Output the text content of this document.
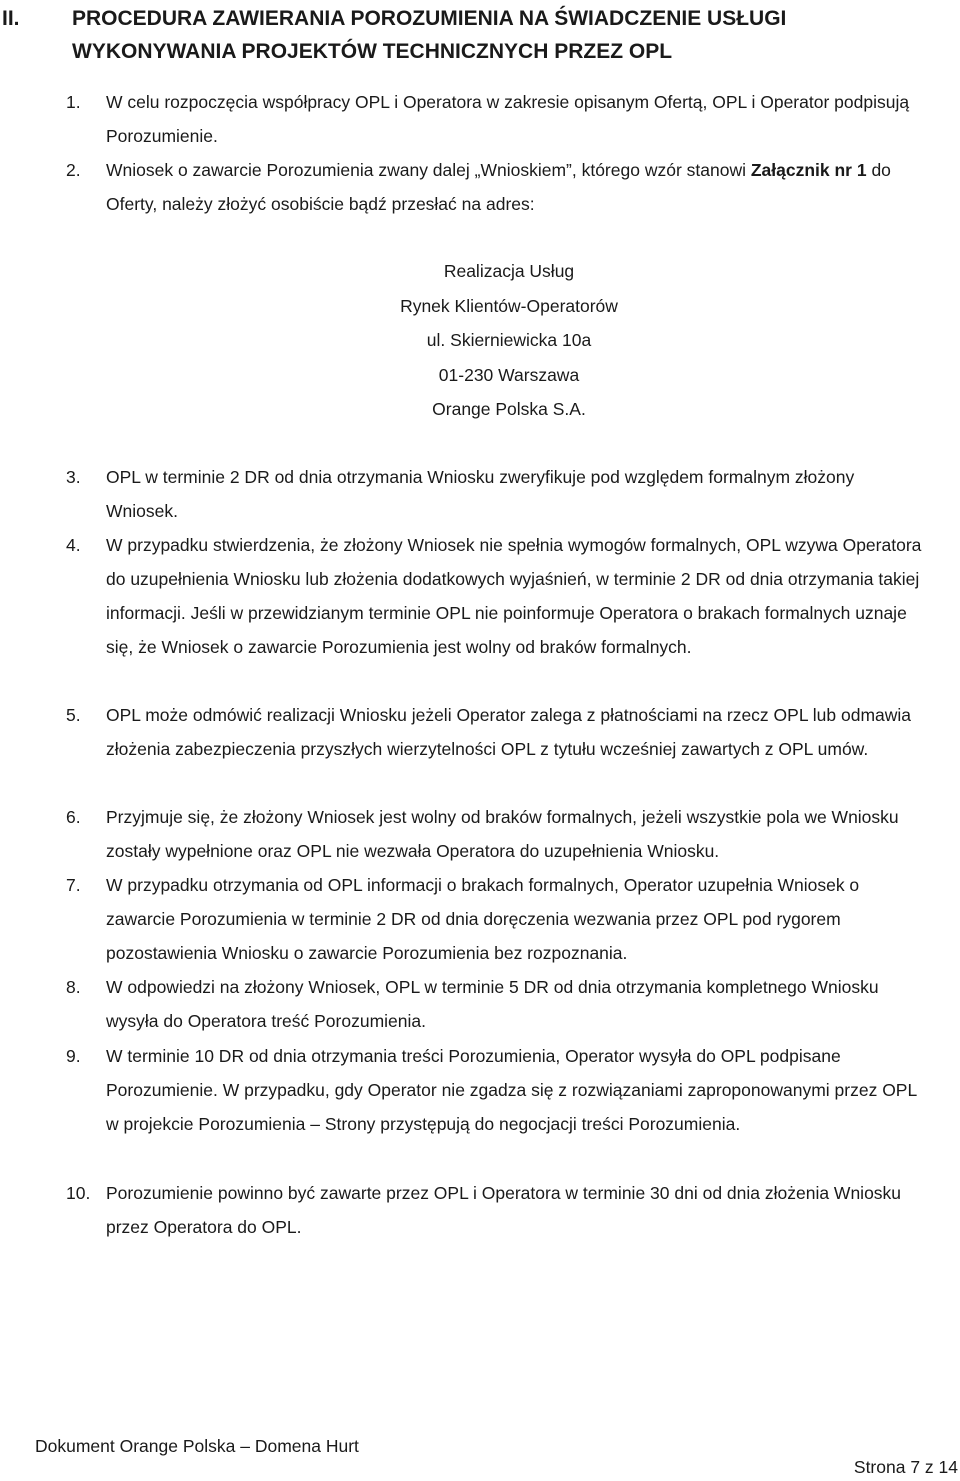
II. PROCEDURA ZAWIERANIA POROZUMIENIA NA ŚWIADCZENIE USŁUGI WYKONYWANIA PROJEKTÓW TECHNICZNYCH PRZEZ OPL
1.	W celu rozpoczęcia współpracy OPL i Operatora w zakresie opisanym Ofertą, OPL i Operator podpisują Porozumienie.
2.	Wniosek o zawarcie Porozumienia zwany dalej „Wnioskiem”, którego wzór stanowi Załącznik nr 1 do Oferty, należy złożyć osobiście bądź przesłać na adres:
Realizacja Usług
Rynek Klientów-Operatorów
ul. Skierniewicka 10a
01-230 Warszawa
Orange Polska S.A.
3.	OPL w terminie 2 DR od dnia otrzymania Wniosku zweryfikuje pod względem formalnym złożony Wniosek.
4.	W przypadku stwierdzenia, że złożony Wniosek nie spełnia wymogów formalnych, OPL wzywa Operatora do uzupełnienia Wniosku lub złożenia dodatkowych wyjaśnień, w terminie 2 DR od dnia otrzymania takiej informacji. Jeśli w przewidzianym terminie OPL nie poinformuje Operatora o brakach formalnych uznaje się, że Wniosek o zawarcie Porozumienia jest wolny od braków formalnych.
5.	OPL może odmówić realizacji Wniosku jeżeli Operator zalega z płatnościami na rzecz OPL lub odmawia złożenia zabezpieczenia przyszłych wierzytelności OPL z tytułu wcześniej zawartych z OPL umów.
6.	Przyjmuje się, że złożony Wniosek jest wolny od braków formalnych, jeżeli wszystkie pola we Wniosku zostały wypełnione oraz OPL nie wezwała Operatora do uzupełnienia Wniosku.
7.	W przypadku otrzymania od OPL informacji o brakach formalnych, Operator uzupełnia Wniosek o zawarcie Porozumienia w terminie 2 DR od dnia doręczenia wezwania przez OPL pod rygorem pozostawienia Wniosku o zawarcie Porozumienia bez rozpoznania.
8.	W odpowiedzi na złożony Wniosek, OPL w terminie 5 DR od dnia otrzymania kompletnego Wniosku wysyła do Operatora treść Porozumienia.
9.	W terminie 10 DR od dnia otrzymania treści Porozumienia, Operator wysyła do OPL podpisane Porozumienie. W przypadku, gdy Operator nie zgadza się z rozwiązaniami zaproponowanymi przez OPL w projekcie Porozumienia – Strony przystępują do negocjacji treści Porozumienia.
10. Porozumienie powinno być zawarte przez OPL i Operatora w terminie 30 dni od dnia złożenia Wniosku przez Operatora do OPL.
Dokument Orange Polska – Domena Hurt
Strona 7 z 14
